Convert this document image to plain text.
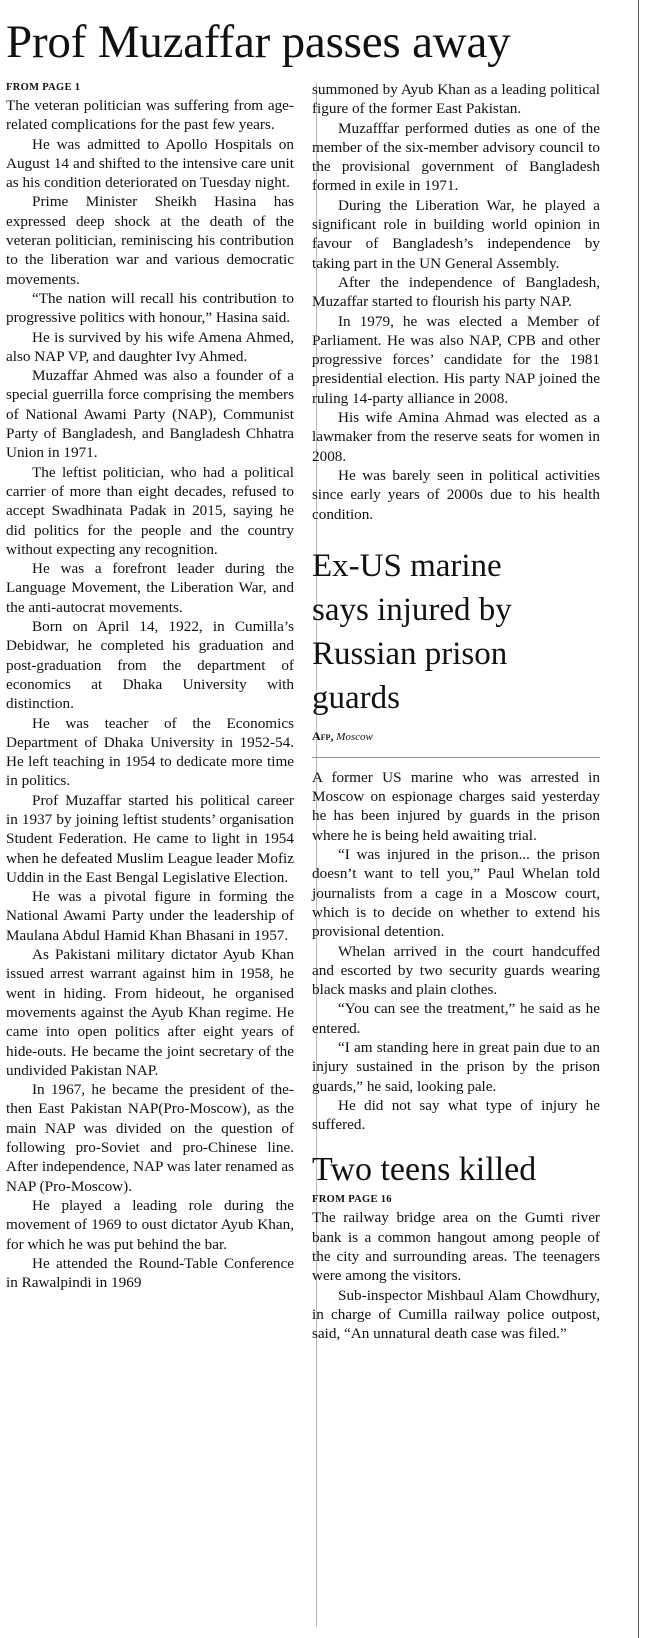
Prof Muzaffar passes away
FROM PAGE 1

The veteran politician was suffering from age-related complications for the past few years.

He was admitted to Apollo Hospitals on August 14 and shifted to the intensive care unit as his condition deteriorated on Tuesday night.

Prime Minister Sheikh Hasina has expressed deep shock at the death of the veteran politician, reminiscing his contribution to the liberation war and various democratic movements.

“The nation will recall his contribution to progressive politics with honour,” Hasina said.

He is survived by his wife Amena Ahmed, also NAP VP, and daughter Ivy Ahmed.

Muzaffar Ahmed was also a founder of a special guerrilla force comprising the members of National Awami Party (NAP), Communist Party of Bangladesh, and Bangladesh Chhatra Union in 1971.

The leftist politician, who had a political carrier of more than eight decades, refused to accept Swadhinata Padak in 2015, saying he did politics for the people and the country without expecting any recognition.

He was a forefront leader during the Language Movement, the Liberation War, and the anti-autocrat movements.

Born on April 14, 1922, in Cumilla’s Debidwar, he completed his graduation and post-graduation from the department of economics at Dhaka University with distinction.

He was teacher of the Economics Department of Dhaka University in 1952-54. He left teaching in 1954 to dedicate more time in politics.

Prof Muzaffar started his political career in 1937 by joining leftist students’ organisation Student Federation. He came to light in 1954 when he defeated Muslim League leader Mofiz Uddin in the East Bengal Legislative Election.

He was a pivotal figure in forming the National Awami Party under the leadership of Maulana Abdul Hamid Khan Bhasani in 1957.

As Pakistani military dictator Ayub Khan issued arrest warrant against him in 1958, he went in hiding. From hideout, he organised movements against the Ayub Khan regime. He came into open politics after eight years of hide-outs. He became the joint secretary of the undivided Pakistan NAP.

In 1967, he became the president of the-then East Pakistan NAP(Pro-Moscow), as the main NAP was divided on the question of following pro-Soviet and pro-Chinese line. After independence, NAP was later renamed as NAP (Pro-Moscow).

He played a leading role during the movement of 1969 to oust dictator Ayub Khan, for which he was put behind the bar.

He attended the Round-Table Conference in Rawalpindi in 1969

summoned by Ayub Khan as a leading political figure of the former East Pakistan.

Muzafffar performed duties as one of the member of the six-member advisory council to the provisional government of Bangladesh formed in exile in 1971.

During the Liberation War, he played a significant role in building world opinion in favour of Bangladesh’s independence by taking part in the UN General Assembly.

After the independence of Bangladesh, Muzaffar started to flourish his party NAP.

In 1979, he was elected a Member of Parliament. He was also NAP, CPB and other progressive forces’ candidate for the 1981 presidential election. His party NAP joined the ruling 14-party alliance in 2008.

His wife Amina Ahmad was elected as a lawmaker from the reserve seats for women in 2008.

He was barely seen in political activities since early years of 2000s due to his health condition.

Ex-US marine
says injured by
Russian prison
guards
Afp, Moscow

A former US marine who was arrested in Moscow on espionage charges said yesterday he has been injured by guards in the prison where he is being held awaiting trial.

“I was injured in the prison... the prison doesn’t want to tell you,” Paul Whelan told journalists from a cage in a Moscow court, which is to decide on whether to extend his provisional detention.

Whelan arrived in the court handcuffed and escorted by two security guards wearing black masks and plain clothes.

“You can see the treatment,” he said as he entered.

“I am standing here in great pain due to an injury sustained in the prison by the prison guards,” he said, looking pale.

He did not say what type of injury he suffered.

Two teens killed
FROM PAGE 16

The railway bridge area on the Gumti river bank is a common hangout among people of the city and surrounding areas. The teenagers were among the visitors.

Sub-inspector Mishbaul Alam Chowdhury, in charge of Cumilla railway police outpost, said, “An unnatural death case was filed.”
